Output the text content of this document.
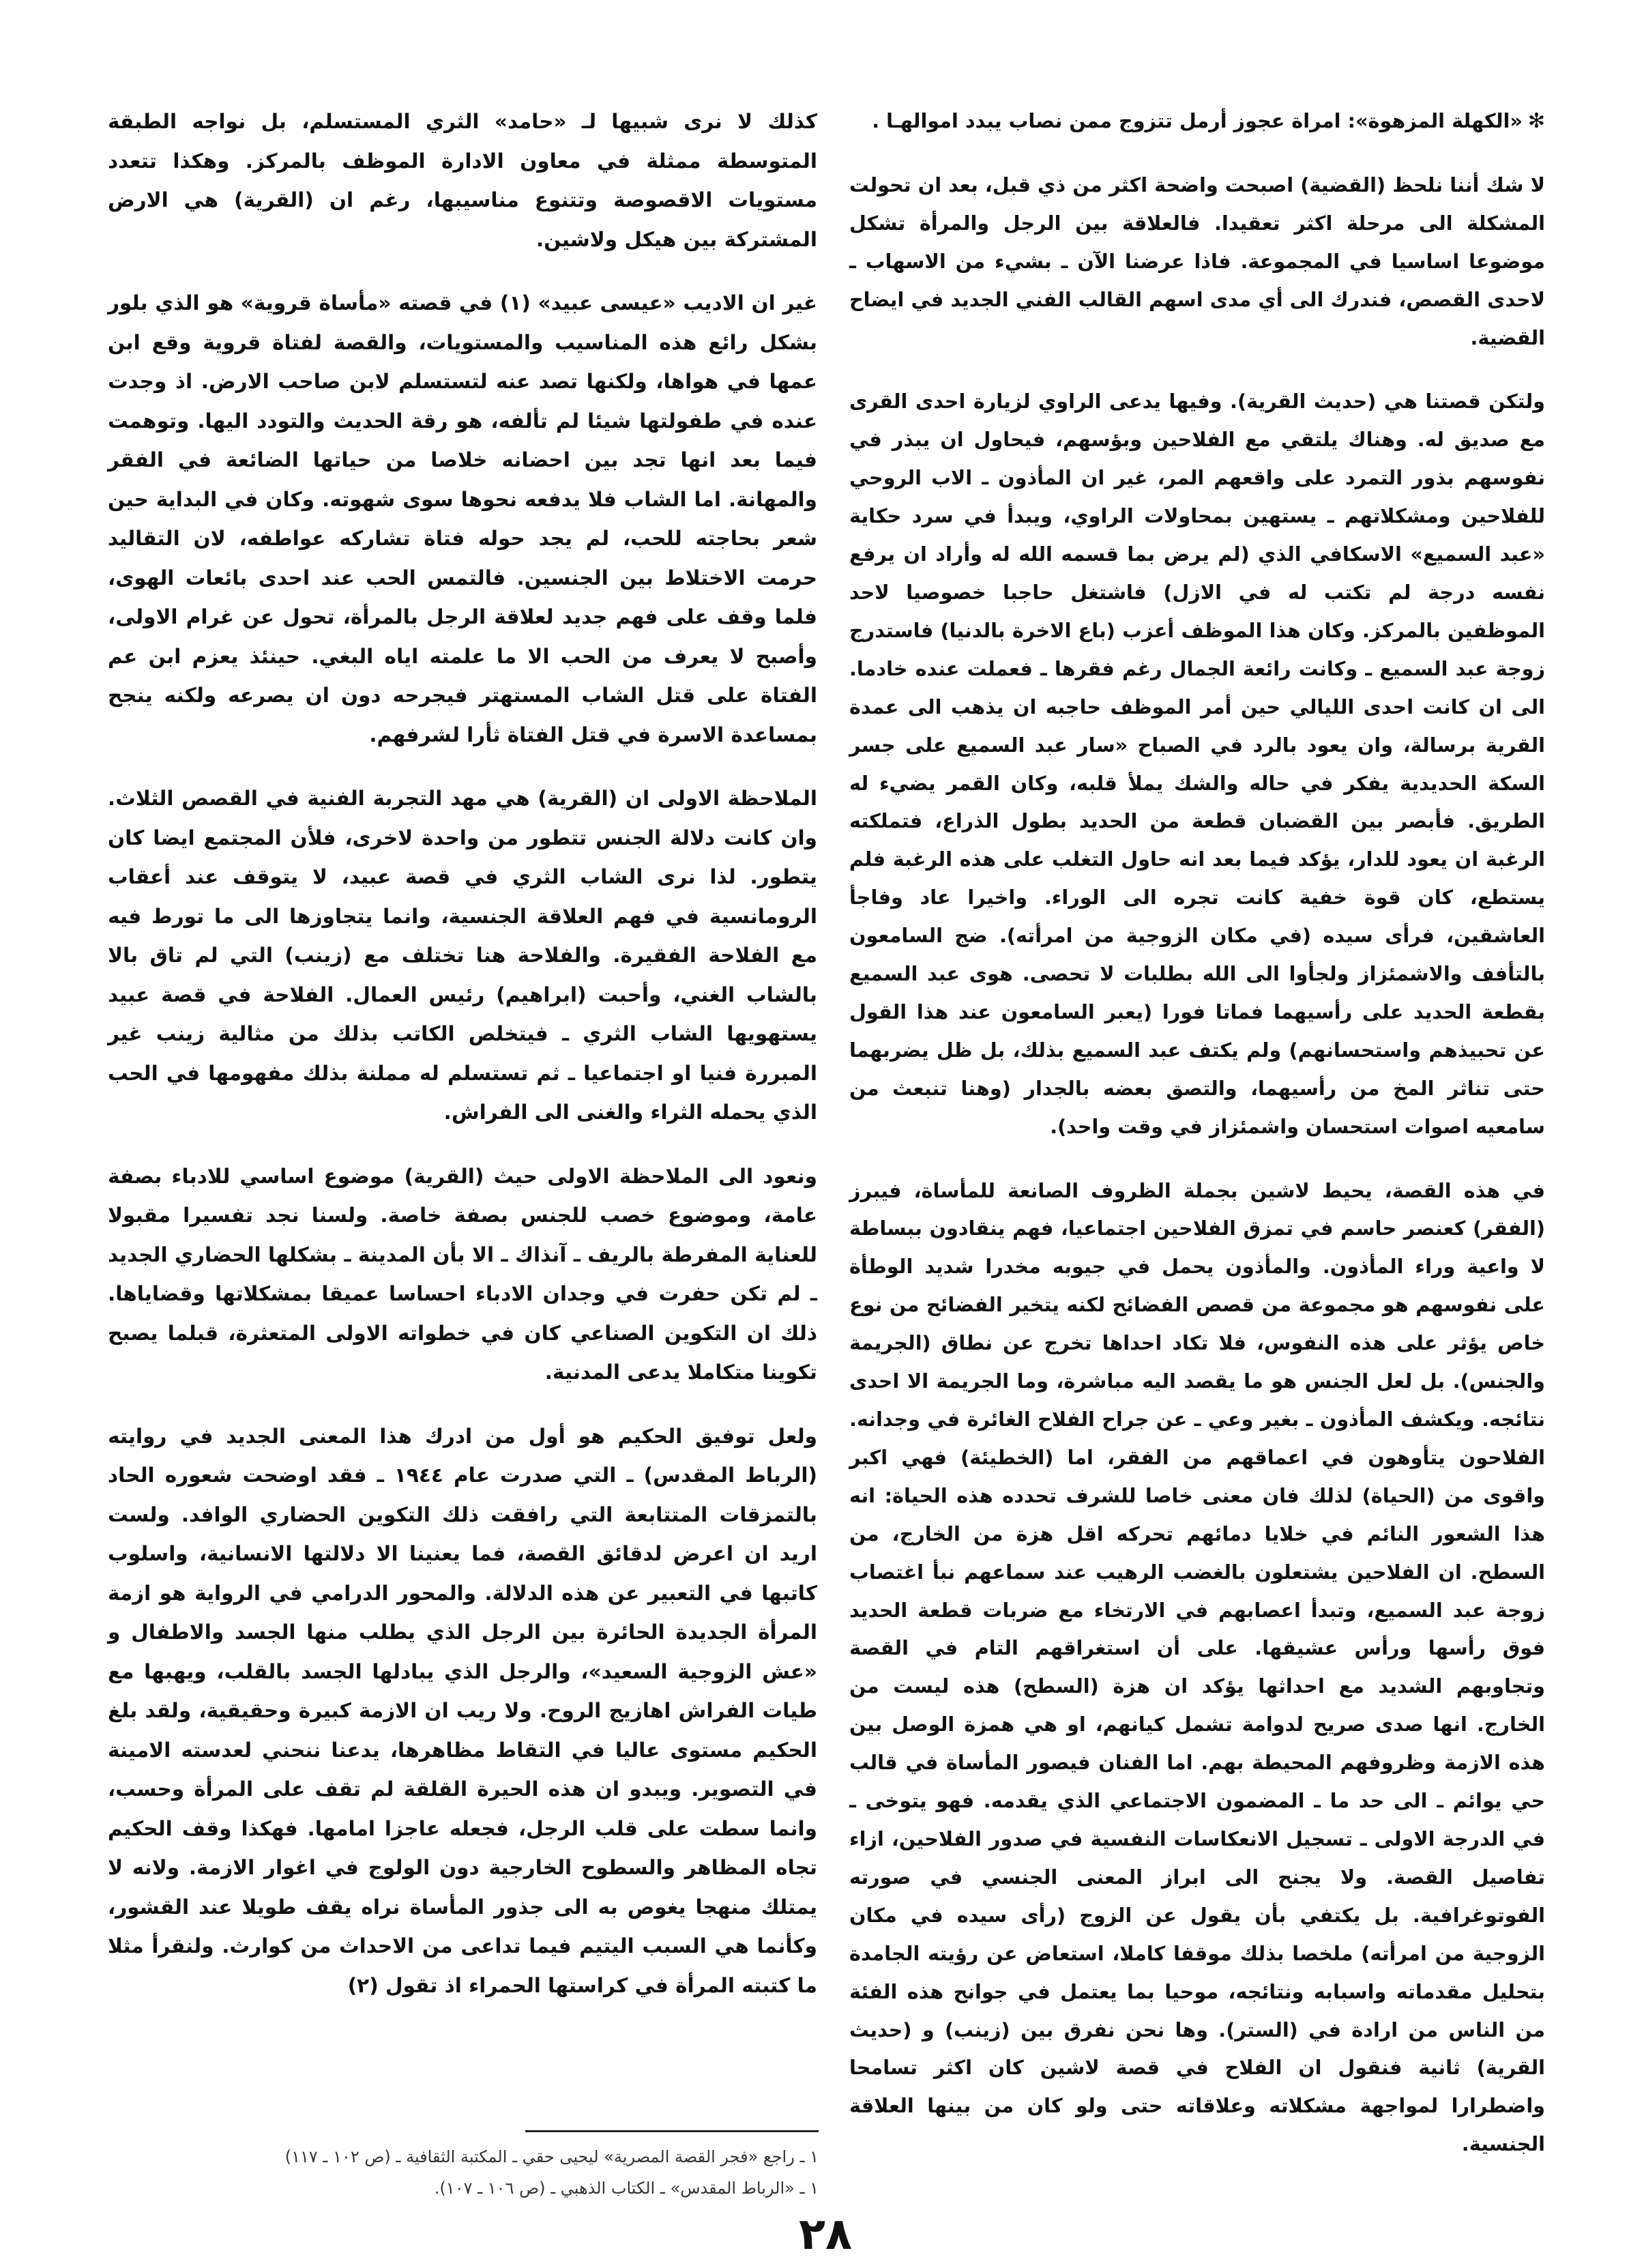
✻«الكهلة المزهوة»: امراة عجوز أرمل تتزوج ممن نصاب يبدد اموالهـا .

لا شك أننا نلحظ (القضية) اصبحت واضحة اكثر من ذي قبل، بعد ان تحولت المشكلة الى مرحلة اكثر تعقيدا. فالعلاقة بين الرجل والمرأة تشكل موضوعا اساسيا في المجموعة. فاذا عرضنا الآن ـ بشيء من الاسهاب ـ لاحدى القصص، فندرك الى أي مدى اسهم القالب الفني الجديد في ايضاح القضية.

ولتكن قصتنا هي (حديث القرية). وفيها يدعى الراوي لزيارة احدى القرى مع صديق له. وهناك يلتقي مع الفلاحين وبؤسهم، فيحاول ان يبذر في نفوسهم بذور التمرد على واقعهم المر، غير ان المأذون ـ الاب الروحي للفلاحين ومشكلاتهم ـ يستهين بمحاولات الراوي، ويبدأ في سرد حكاية «عبد السميع» الاسكافي الذي (لم يرض بما قسمه الله له وأراد ان يرفع نفسه درجة لم تكتب له في الازل) فاشتغل حاجبا خصوصيا لاحد الموظفين بالمركز. وكان هذا الموظف أعزب (باع الاخرة بالدنيا) فاستدرج زوجة عبد السميع ـ وكانت رائعة الجمال رغم فقرها ـ فعملت عنده خادما. الى ان كانت احدى الليالي حين أمر الموظف حاجبه ان يذهب الى عمدة القرية برسالة، وان يعود بالرد في الصباح «سار عبد السميع على جسر السكة الحديدية يفكر في حاله والشك يملأ قلبه، وكان القمر يضيء له الطريق. فأبصر بين القضبان قطعة من الحديد بطول الذراع، فتملكته الرغبة ان يعود للدار، يؤكد فيما بعد انه حاول التغلب على هذه الرغبة فلم يستطع، كان قوة خفية كانت تجره الى الوراء. واخيرا عاد وفاجأ العاشقين، فرأى سيده (في مكان الزوجية من امرأته). ضج السامعون بالتأفف والاشمئزاز ولجأوا الى الله بطلبات لا تحصى. هوى عبد السميع بقطعة الحديد على رأسيهما فماتا فورا (يعبر السامعون عند هذا القول عن تحبيذهم واستحسانهم) ولم يكتف عبد السميع بذلك، بل ظل يضربهما حتى تناثر المخ من رأسيهما، والتصق بعضه بالجدار (وهنا تنبعث من سامعيه اصوات استحسان واشمئزاز في وقت واحد).

في هذه القصة، يحيط لاشين بجملة الظروف الصانعة للمأساة، فيبرز (الفقر) كعنصر حاسم في تمزق الفلاحين اجتماعيا، فهم ينقادون ببساطة لا واعية وراء المأذون. والمأذون يحمل في جيوبه مخدرا شديد الوطأة على نفوسهم هو مجموعة من قصص الفضائح لكنه يتخير الفضائح من نوع خاص يؤثر على هذه النفوس، فلا تكاد احداها تخرج عن نطاق (الجريمة والجنس). بل لعل الجنس هو ما يقصد اليه مباشرة، وما الجريمة الا احدى نتائجه. ويكشف المأذون ـ بغير وعي ـ عن جراح الفلاح الغائرة في وجدانه. الفلاحون يتأوهون في اعماقهم من الفقر، اما (الخطيئة) فهي اكبر واقوى من (الحياة) لذلك فان معنى خاصا للشرف تحدده هذه الحياة: انه هذا الشعور النائم في خلايا دمائهم تحركه اقل هزة من الخارج، من السطح. ان الفلاحين يشتعلون بالغضب الرهيب عند سماعهم نبأ اغتصاب زوجة عبد السميع، وتبدأ اعصابهم في الارتخاء مع ضربات قطعة الحديد فوق رأسها ورأس عشيقها. على أن استغراقهم التام في القصة وتجاوبهم الشديد مع احداثها يؤكد ان هزة (السطح) هذه ليست من الخارج. انها صدى صريح لدوامة تشمل كيانهم، او هي همزة الوصل بين هذه الازمة وظروفهم المحيطة بهم. اما الفنان فيصور المأساة في قالب حي يوائم ـ الى حد ما ـ المضمون الاجتماعي الذي يقدمه. فهو يتوخى ـ في الدرجة الاولى ـ تسجيل الانعكاسات النفسية في صدور الفلاحين، ازاء تفاصيل القصة. ولا يجنح الى ابراز المعنى الجنسي في صورته الفوتوغرافية. بل يكتفي بأن يقول عن الزوج (رأى سيده في مكان الزوجية من امرأته) ملخصا بذلك موقفا كاملا، استعاض عن رؤيته الجامدة بتحليل مقدماته واسبابه ونتائجه، موحيا بما يعتمل في جوانح هذه الفئة من الناس من ارادة في (الستر). وها نحن نفرق بين (زينب) و (حديث القرية) ثانية فنقول ان الفلاح في قصة لاشين كان اكثر تسامحا واضطرارا لمواجهة مشكلاته وعلاقاته حتى ولو كان من بينها العلاقة الجنسية.

كذلك لا نرى شبيها لـ «حامد» الثري المستسلم، بل نواجه الطبقة المتوسطة ممثلة في معاون الادارة الموظف بالمركز. وهكذا تتعدد مستويات الاقصوصة وتتنوع مناسيبها، رغم ان (القرية) هي الارض المشتركة بين هيكل ولاشين.

غير ان الاديب «عيسى عبيد» (١) في قصته «مأساة قروية» هو الذي بلور بشكل رائع هذه المناسيب والمستويات، والقصة لفتاة قروية وقع ابن عمها في هواها، ولكنها تصد عنه لتستسلم لابن صاحب الارض. اذ وجدت عنده في طفولتها شيئا لم تألفه، هو رقة الحديث والتودد اليها. وتوهمت فيما بعد انها تجد بين احضانه خلاصا من حياتها الضائعة في الفقر والمهانة. اما الشاب فلا يدفعه نحوها سوى شهوته. وكان في البداية حين شعر بحاجته للحب، لم يجد حوله فتاة تشاركه عواطفه، لان التقاليد حرمت الاختلاط بين الجنسين. فالتمس الحب عند احدى بائعات الهوى، فلما وقف على فهم جديد لعلاقة الرجل بالمرأة، تحول عن غرام الاولى، وأصبح لا يعرف من الحب الا ما علمته اياه البغي. حينئذ يعزم ابن عم الفتاة على قتل الشاب المستهتر فيجرحه دون ان يصرعه ولكنه ينجح بمساعدة الاسرة في قتل الفتاة ثأرا لشرفهم.

الملاحظة الاولى ان (القرية) هي مهد التجربة الفنية في القصص الثلاث. وان كانت دلالة الجنس تتطور من واحدة لاخرى، فلأن المجتمع ايضا كان يتطور. لذا نرى الشاب الثري في قصة عبيد، لا يتوقف عند أعقاب الرومانسية في فهم العلاقة الجنسية، وانما يتجاوزها الى ما تورط فيه مع الفلاحة الفقيرة. والفلاحة هنا تختلف مع (زينب) التي لم تاق بالا بالشاب الغني، وأحبت (ابراهيم) رئيس العمال. الفلاحة في قصة عبيد يستهويها الشاب الثري ـ فيتخلص الكاتب بذلك من مثالية زينب غير المبررة فنيا او اجتماعيا ـ ثم تستسلم له مملنة بذلك مفهومها في الحب الذي يحمله الثراء والغنى الى الفراش.

ونعود الى الملاحظة الاولى حيث (القرية) موضوع اساسي للادباء بصفة عامة، وموضوع خصب للجنس بصفة خاصة. ولسنا نجد تفسيرا مقبولا للعناية المفرطة بالريف ـ آنذاك ـ الا بأن المدينة ـ بشكلها الحضاري الجديد ـ لم تكن حفرت في وجدان الادباء احساسا عميقا بمشكلاتها وقضاياها. ذلك ان التكوين الصناعي كان في خطواته الاولى المتعثرة، قبلما يصبح تكوينا متكاملا يدعى المدنية.

ولعل توفيق الحكيم هو أول من ادرك هذا المعنى الجديد في روايته (الرباط المقدس) ـ التي صدرت عام ١٩٤٤ ـ فقد اوضحت شعوره الحاد بالتمزقات المتتابعة التي رافقت ذلك التكوين الحضاري الوافد. ولست اريد ان اعرض لدقائق القصة، فما يعنينا الا دلالتها الانسانية، واسلوب كاتبها في التعبير عن هذه الدلالة. والمحور الدرامي في الرواية هو ازمة المرأة الجديدة الحائرة بين الرجل الذي يطلب منها الجسد والاطفال و «عش الزوجية السعيد»، والرجل الذي يبادلها الجسد بالقلب، ويهبها مع طيات الفراش اهازيج الروح. ولا ريب ان الازمة كبيرة وحقيقية، ولقد بلغ الحكيم مستوى عاليا في التقاط مظاهرها، يدعنا ننحني لعدسته الامينة في التصوير. ويبدو ان هذه الحيرة القلقة لم تقف على المرأة وحسب، وانما سطت على قلب الرجل، فجعله عاجزا امامها. فهكذا وقف الحكيم تجاه المظاهر والسطوح الخارجية دون الولوج في اغوار الازمة. ولانه لا يمتلك منهجا يغوص به الى جذور المأساة نراه يقف طويلا عند القشور، وكأنما هي السبب اليتيم فيما تداعى من الاحداث من كوارث. ولنقرأ مثلا ما كتبته المرأة في كراستها الحمراء اذ تقول (٢)

١ ـ راجع «فجر القصة المصرية» ليحيى حقي ـ المكتبة الثقافية ـ (ص ١٠٢ ـ ١١٧)
١ ـ «الرباط المقدس» ـ الكتاب الذهبي ـ (ص ١٠٦ ـ ١٠٧).
٢٨
